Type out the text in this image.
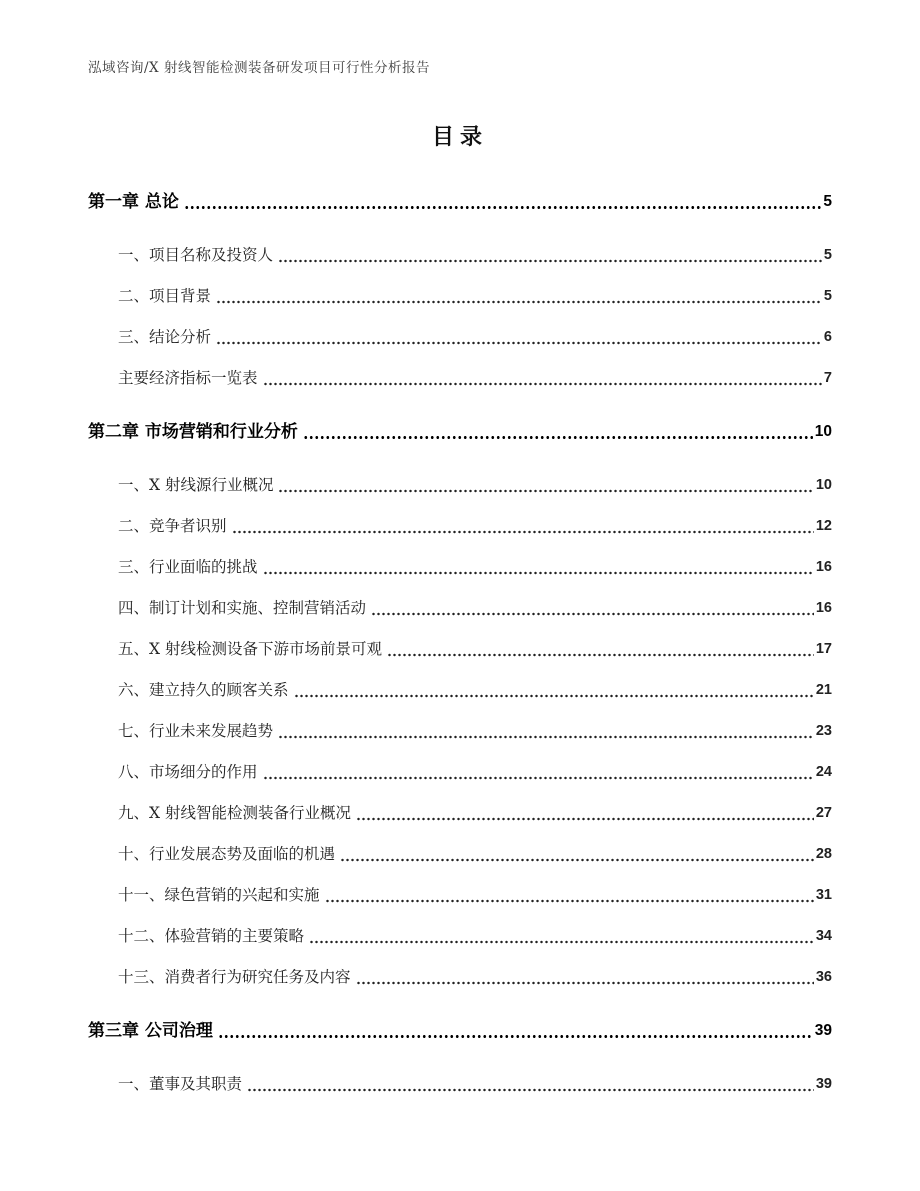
泓域咨询/X 射线智能检测装备研发项目可行性分析报告
目录
第一章 总论	5
一、项目名称及投资人	5
二、项目背景	5
三、结论分析	6
主要经济指标一览表	7
第二章 市场营销和行业分析	10
一、X 射线源行业概况	10
二、竞争者识别	12
三、行业面临的挑战	16
四、制订计划和实施、控制营销活动	16
五、X 射线检测设备下游市场前景可观	17
六、建立持久的顾客关系	21
七、行业未来发展趋势	23
八、市场细分的作用	24
九、X 射线智能检测装备行业概况	27
十、行业发展态势及面临的机遇	28
十一、绿色营销的兴起和实施	31
十二、体验营销的主要策略	34
十三、消费者行为研究任务及内容	36
第三章 公司治理	39
一、董事及其职责	39
